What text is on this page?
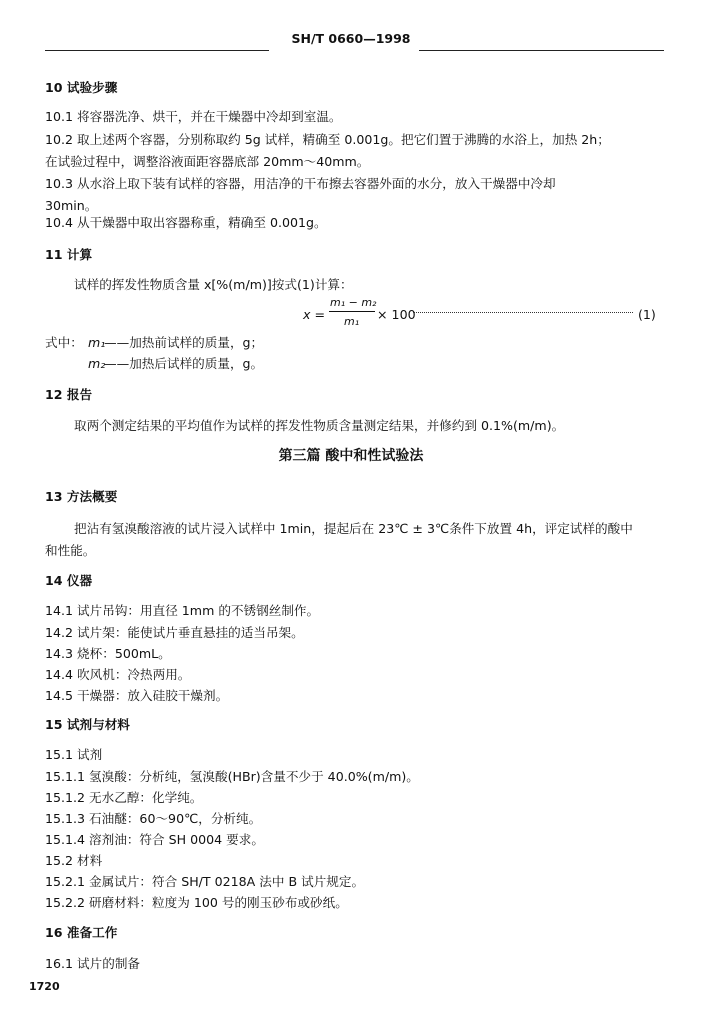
SH/T 0660—1998
10 试验步骤
10.1 将容器洗净、烘干，并在干燥器中冷却到室温。
10.2 取上述两个容器，分别称取约 5g 试样，精确至 0.001g。把它们置于沸腾的水浴上，加热 2h；
在试验过程中，调整浴液面距容器底部 20mm～40mm。
10.3 从水浴上取下装有试样的容器，用洁净的干布擦去容器外面的水分，放入干燥器中冷却
30min。
10.4 从干燥器中取出容器称重，精确至 0.001g。
11 计算
试样的挥发性物质含量 x[%(m/m)]按式(1)计算：
x =
m₁ − m₂
m₁ × 100	(1)
式中： m₁
——加热前试样的质量，g；
m₂
——加热后试样的质量，g。
12 报告
取两个测定结果的平均值作为试样的挥发性物质含量测定结果，并修约到 0.1%(m/m)。
第三篇 酸中和性试验法
13 方法概要
把沾有氢溴酸溶液的试片浸入试样中 1min，提起后在 23℃ ± 3℃条件下放置 4h，评定试样的酸中
和性能。
14 仪器
14.1 试片吊钩：用直径 1mm 的不锈钢丝制作。
14.2 试片架：能使试片垂直悬挂的适当吊架。
14.3 烧杯：500mL。
14.4 吹风机：冷热两用。
14.5 干燥器：放入硅胶干燥剂。
15 试剂与材料
15.1 试剂
15.1.1 氢溴酸：分析纯，氢溴酸(HBr)含量不少于 40.0%(m/m)。
15.1.2 无水乙醇：化学纯。
15.1.3 石油醚：60～90℃，分析纯。
15.1.4 溶剂油：符合 SH 0004 要求。
15.2 材料
15.2.1 金属试片：符合 SH/T 0218A 法中 B 试片规定。
15.2.2 研磨材料：粒度为 100 号的刚玉砂布或砂纸。
16 准备工作
16.1 试片的制备
1720
